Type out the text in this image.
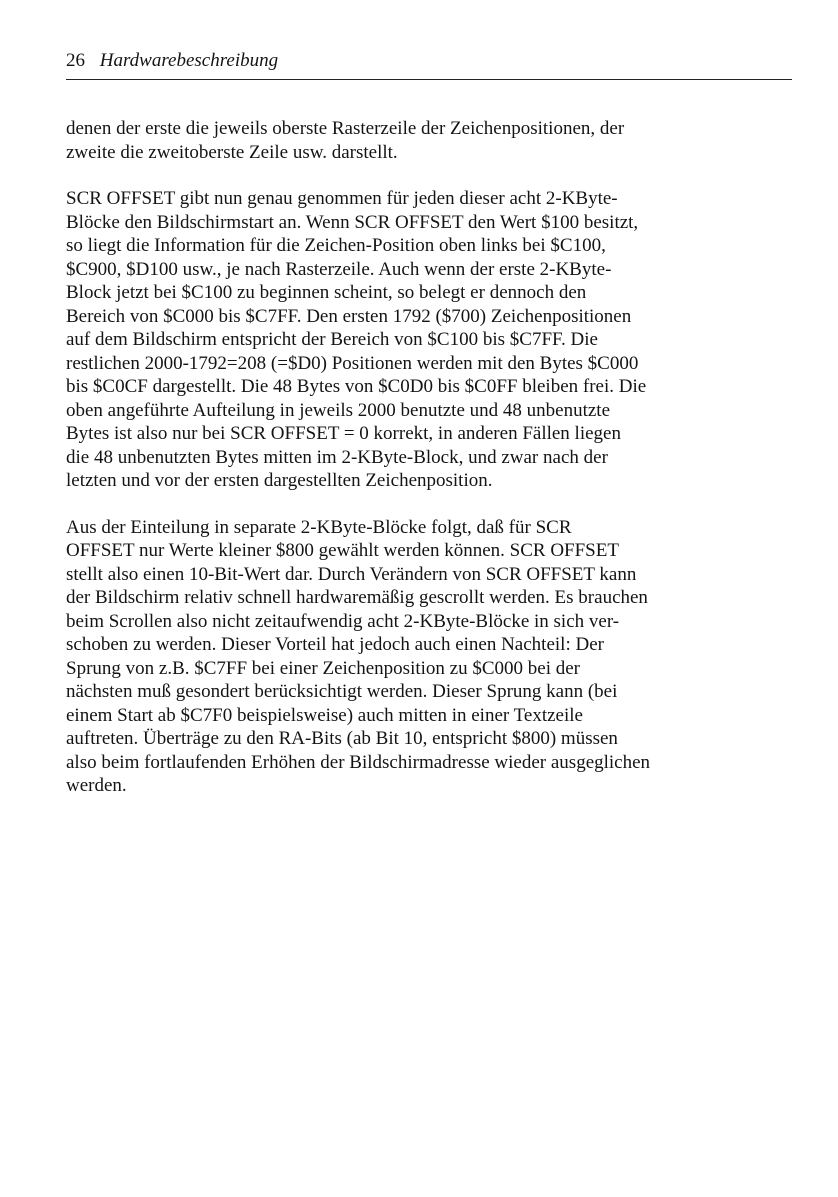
26 Hardwarebeschreibung

denen der erste die jeweils oberste Rasterzeile der Zeichenpositionen, der
zweite die zweitoberste Zeile usw. darstellt.

SCR OFFSET gibt nun genau genommen für jeden dieser acht 2-KByte-
Blöcke den Bildschirmstart an. Wenn SCR OFFSET den Wert $100 besitzt,
so liegt die Information für die Zeichen-Position oben links bei $C100,
$C900, $D100 usw., je nach Rasterzeile. Auch wenn der erste 2-KByte-
Block jetzt bei $C100 zu beginnen scheint, so belegt er dennoch den
Bereich von $C000 bis $C7FF. Den ersten 1792 ($700) Zeichenpositionen
auf dem Bildschirm entspricht der Bereich von $C100 bis $C7FF. Die
restlichen 2000-1792=208 (=$D0) Positionen werden mit den Bytes $C000
bis $C0CF dargestellt. Die 48 Bytes von $C0D0 bis $C0FF bleiben frei. Die
oben angeführte Aufteilung in jeweils 2000 benutzte und 48 unbenutzte
Bytes ist also nur bei SCR OFFSET = 0 korrekt, in anderen Fällen liegen
die 48 unbenutzten Bytes mitten im 2-KByte-Block, und zwar nach der
letzten und vor der ersten dargestellten Zeichenposition.

Aus der Einteilung in separate 2-KByte-Blöcke folgt, daß für SCR
OFFSET nur Werte kleiner $800 gewählt werden können. SCR OFFSET
stellt also einen 10-Bit-Wert dar. Durch Verändern von SCR OFFSET kann
der Bildschirm relativ schnell hardwaremäßig gescrollt werden. Es brauchen
beim Scrollen also nicht zeitaufwendig acht 2-KByte-Blöcke in sich ver-
schoben zu werden. Dieser Vorteil hat jedoch auch einen Nachteil: Der
Sprung von z.B. $C7FF bei einer Zeichenposition zu $C000 bei der
nächsten muß gesondert berücksichtigt werden. Dieser Sprung kann (bei
einem Start ab $C7F0 beispielsweise) auch mitten in einer Textzeile
auftreten. Überträge zu den RA-Bits (ab Bit 10, entspricht $800) müssen
also beim fortlaufenden Erhöhen der Bildschirmadresse wieder ausgeglichen
werden.
